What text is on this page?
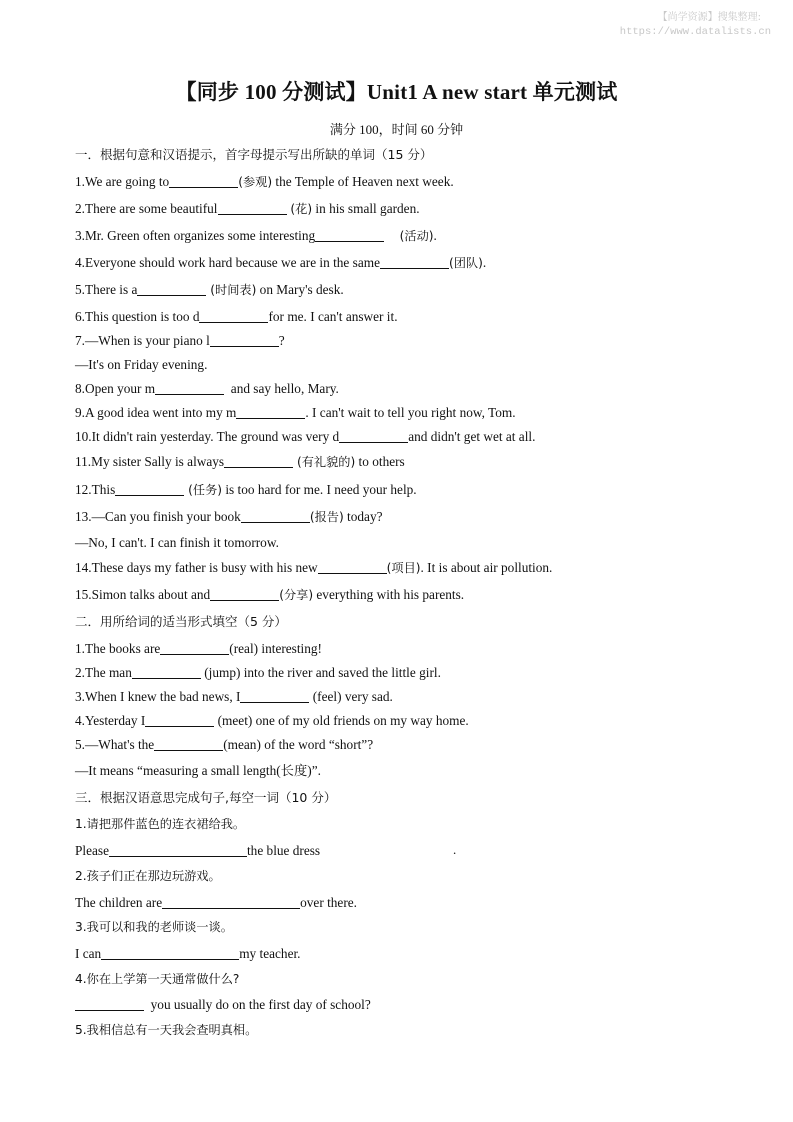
【尚学资源】搜集整理:
https://www.datalists.cn
【同步 100 分测试】Unit1 A new start 单元测试
满分 100，时间 60 分钟
一．根据句意和汉语提示，首字母提示写出所缺的单词（15 分）
1.We are going to	(参观) the Temple of Heaven next week.
2.There are some beautiful	(花) in his small garden.
3.Mr. Green often organizes some interesting	(活动).
4.Everyone should work hard because we are in the same	(团队).
5.There is a	(时间表) on Mary's desk.
6.This question is too d	for me. I can't answer it.
7.—When is your piano l	?
—It's on Friday evening.
8.Open your m	and say hello, Mary.
9.A good idea went into my m	. I can't wait to tell you right now, Tom.
10.It didn't rain yesterday. The ground was very d	and didn't get wet at all.
11.My sister Sally is always	(有礼貌的) to others
12.This	(任务) is too hard for me. I need your help.
13.—Can you finish your book	(报告) today?
—No, I can't. I can finish it tomorrow.
14.These days my father is busy with his new	(项目). It is about air pollution.
15.Simon talks about and	(分享) everything with his parents.
二．用所给词的适当形式填空（5 分）
1.The books are	(real) interesting!
2.The man	(jump) into the river and saved the little girl.
3.When I knew the bad news, I	(feel) very sad.
4.Yesterday I	(meet) one of my old friends on my way home.
5.—What's the	(mean) of the word “short”?
—It means “measuring a small length(长度)”.
三．根据汉语意思完成句子,每空一词（10 分）
1.请把那件蓝色的连衣裙给我。
Please	the blue dress	.
2.孩子们正在那边玩游戏。
The children are	over there.
3.我可以和我的老师谈一谈。
I can	my teacher.
4.你在上学第一天通常做什么?
you usually do on the first day of school?
5.我相信总有一天我会查明真相。
